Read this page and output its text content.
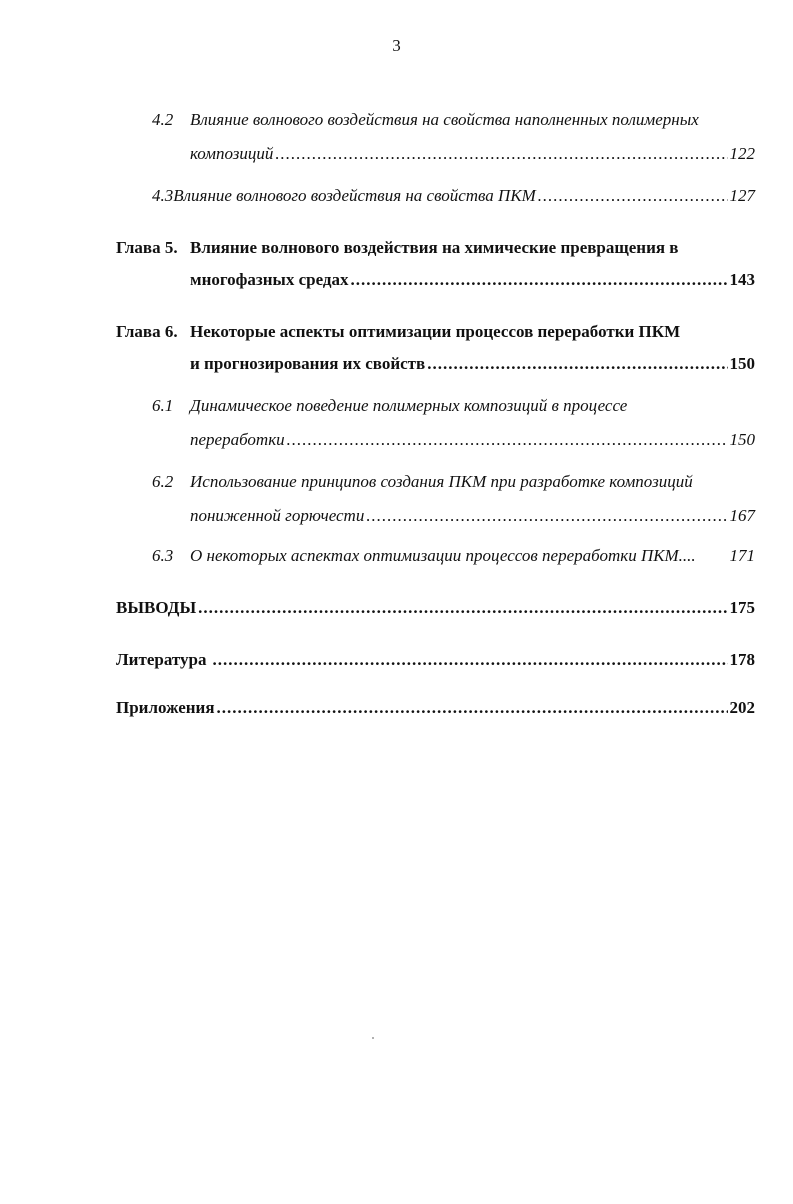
3
4.2 Влияние волнового воздействия на свойства наполненных полимерных
композиций .....	122
4.3 Влияние волнового воздействия на свойства ПКМ .....	127
Глава 5. Влияние волнового воздействия на химические превращения в
многофазных средах .....	143
Глава 6. Некоторые аспекты оптимизации процессов переработки ПКМ
и прогнозирования их свойств .....	150
6.1 Динамическое поведение полимерных композиций в процессе
переработки .....	150
6.2 Использование принципов создания ПКМ при разработке композиций
пониженной горючести .....	167
6.3 О некоторых аспектах оптимизации процессов переработки ПКМ.... 171
ВЫВОДЫ .....	175
Литература .....	178
Приложения .....	202
